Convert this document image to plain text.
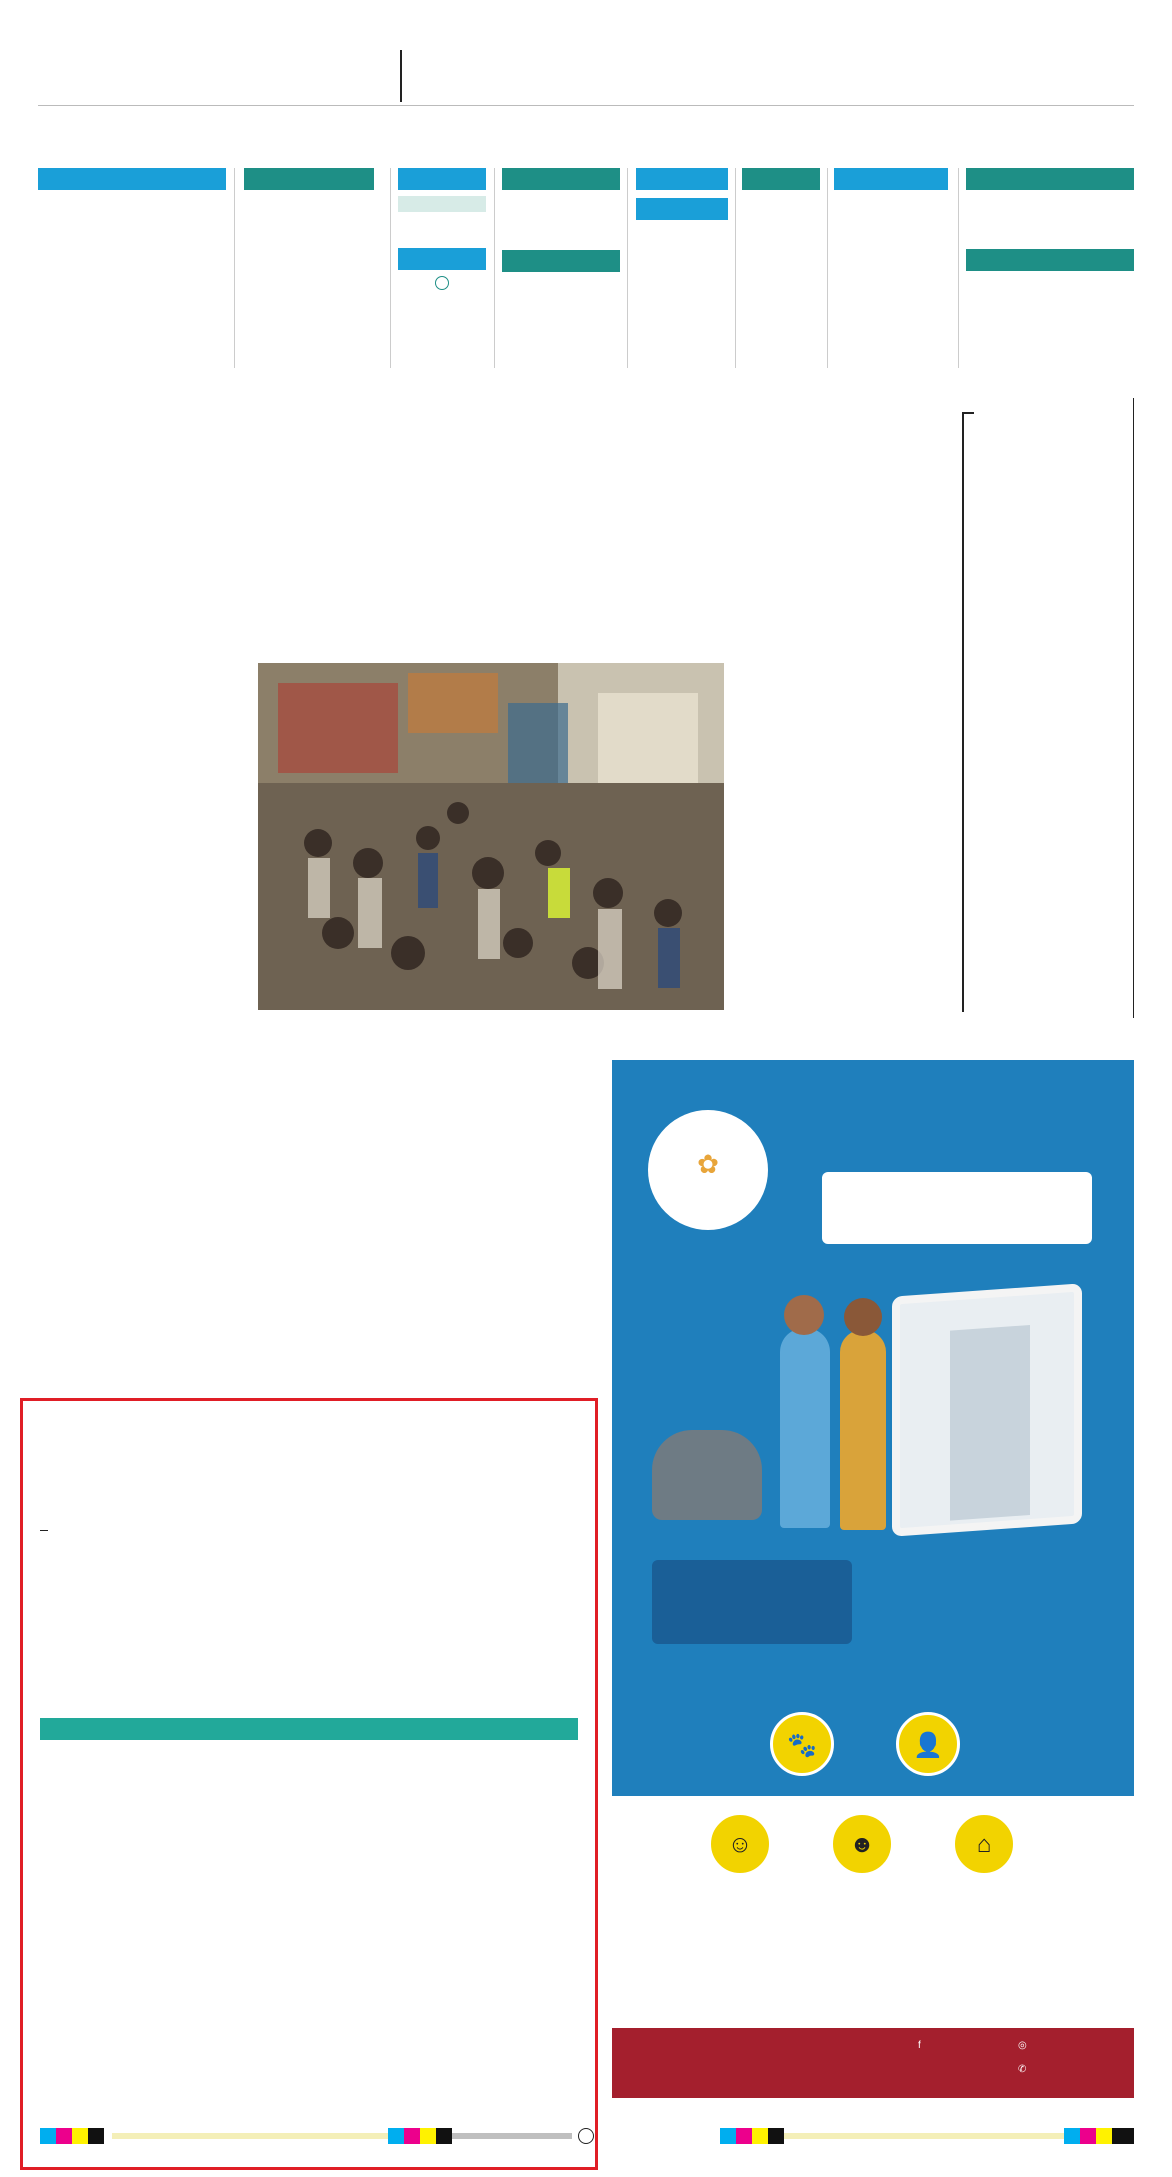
✿
🐾	👤
☺	☻	⌂
f	◎
✆
